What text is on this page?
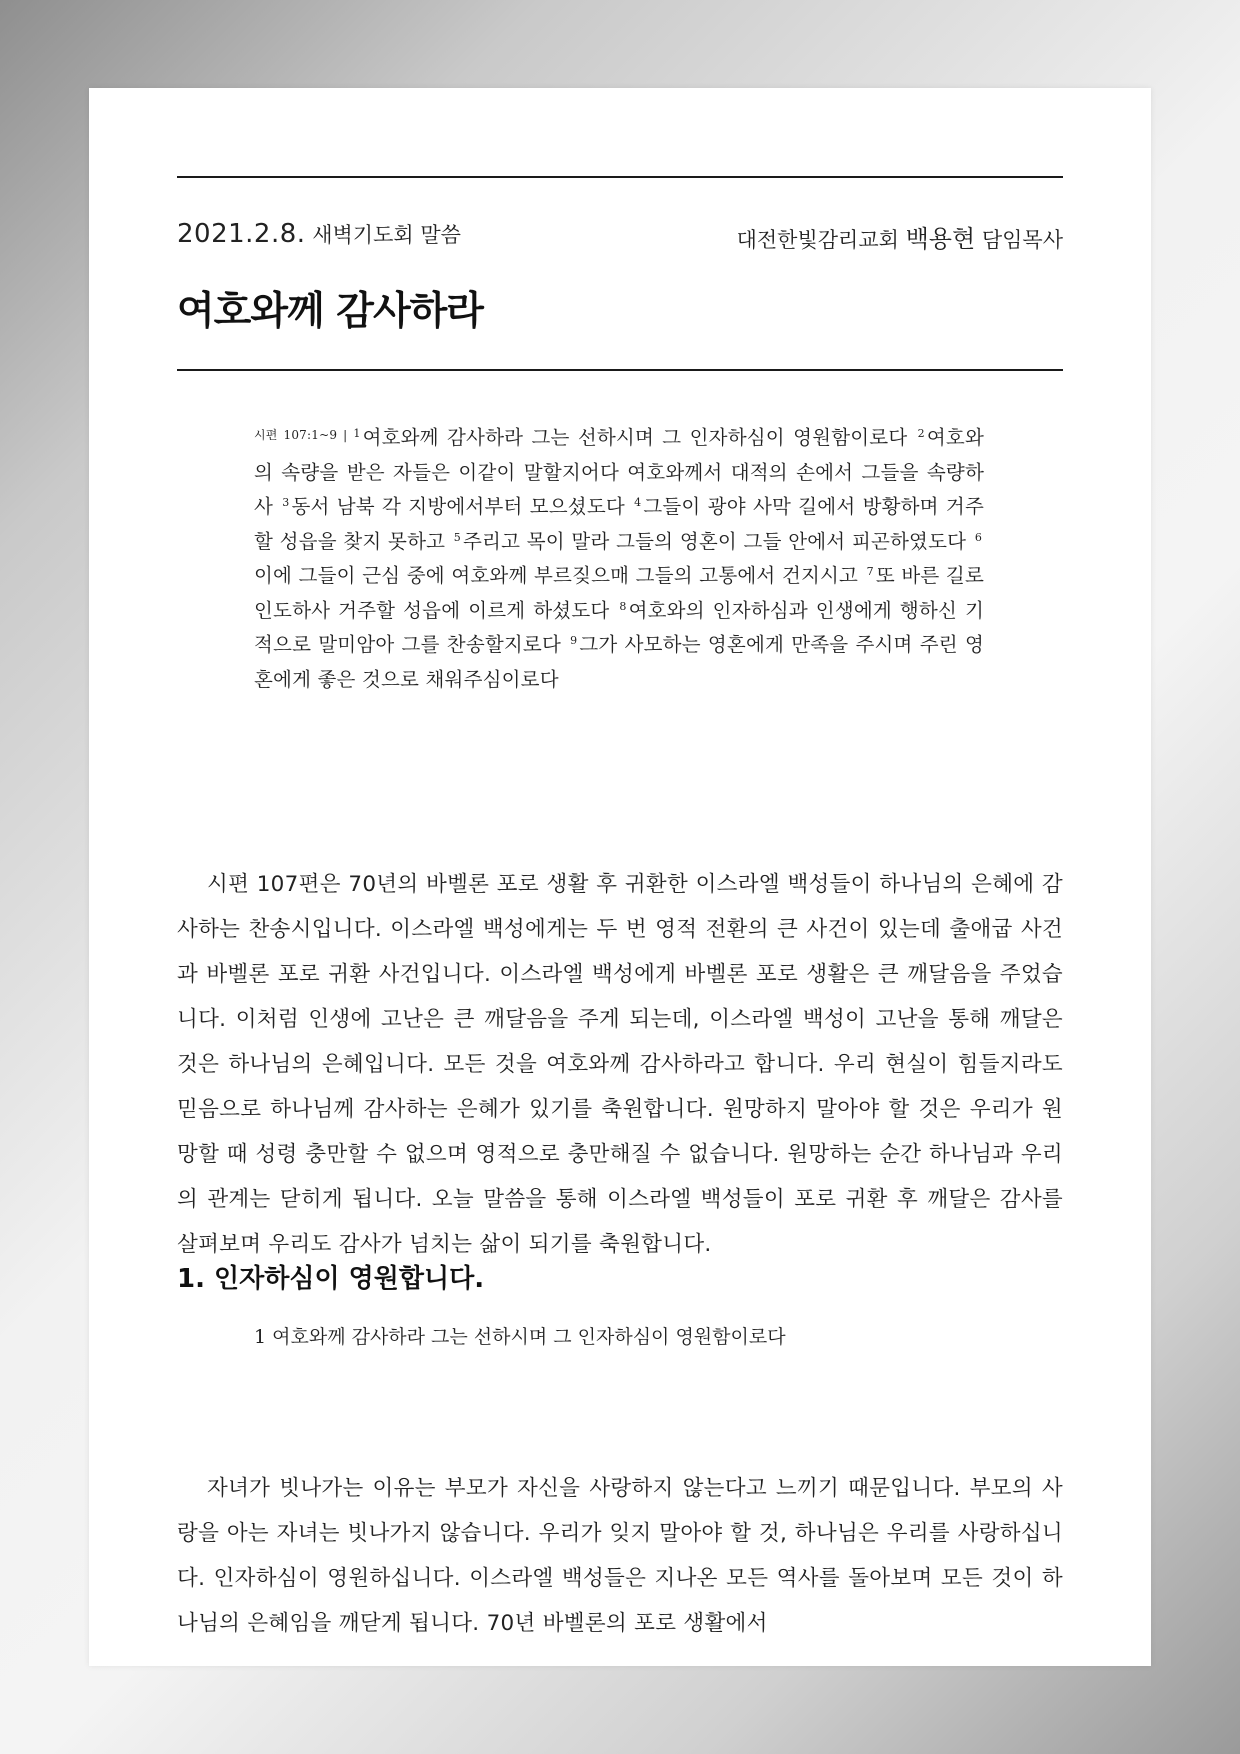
2021.2.8. 새벽기도회 말씀	대전한빛감리교회 백용현 담임목사
여호와께 감사하라
$^{시편 107:1\sim 9 |}$ $^1$ 여호와께 감사하라 그는 선하시며 그 인자하심이 영원함이로다 $^2$ 여호와의 속량을 받은 자들은 이같이 말할지어다 여호와께서 대적의 손에서 그들을 속량하사 $^3$ 동서 남북 각 지방에서부터 모으셨도다 $^4$ 그들이 광야 사막 길에서 방황하며 거주할 성읍을 찾지 못하고 $^5$ 주리고 목이 말라 그들의 영혼이 그들 안에서 피곤하였도다 $^6$이에 그들이 근심 중에 여호와께 부르짖으매 그들의 고통에서 건지시고 $^7$ 또 바른 길로 인도하사 거주할 성읍에 이르게 하셨도다 $^8$ 여호와의 인자하심과 인생에게 행하신 기적으로 말미암아 그를 찬송할지로다 $^9$ 그가 사모하는 영혼에게 만족을 주시며 주린 영혼에게 좋은 것으로 채워주심이로다

시편 107편은 70년의 바벨론 포로 생활 후 귀환한 이스라엘 백성들이 하나님의 은혜에 감사하는 찬송시입니다. 이스라엘 백성에게는 두 번 영적 전환의 큰 사건이 있는데 출애굽 사건과 바벨론 포로 귀환 사건입니다. 이스라엘 백성에게 바벨론 포로 생활은 큰 깨달음을 주었습니다. 이처럼 인생에 고난은 큰 깨달음을 주게 되는데, 이스라엘 백성이 고난을 통해 깨달은 것은 하나님의 은혜입니다. 모든 것을 여호와께 감사하라고 합니다. 우리 현실이 힘들지라도 믿음으로 하나님께 감사하는 은혜가 있기를 축원합니다. 원망하지 말아야 할 것은 우리가 원망할 때 성령 충만할 수 없으며 영적으로 충만해질 수 없습니다. 원망하는 순간 하나님과 우리의 관계는 닫히게 됩니다. 오늘 말씀을 통해 이스라엘 백성들이 포로 귀환 후 깨달은 감사를 살펴보며 우리도 감사가 넘치는 삶이 되기를 축원합니다.

1. 인자하심이 영원합니다.

1 여호와께 감사하라 그는 선하시며 그 인자하심이 영원함이로다

자녀가 빗나가는 이유는 부모가 자신을 사랑하지 않는다고 느끼기 때문입니다. 부모의 사랑을 아는 자녀는 빗나가지 않습니다. 우리가 잊지 말아야 할 것, 하나님은 우리를 사랑하십니다. 인자하심이 영원하십니다. 이스라엘 백성들은 지나온 모든 역사를 돌아보며 모든 것이 하나님의 은혜임을 깨닫게 됩니다. 70년 바벨론의 포로 생활에서
